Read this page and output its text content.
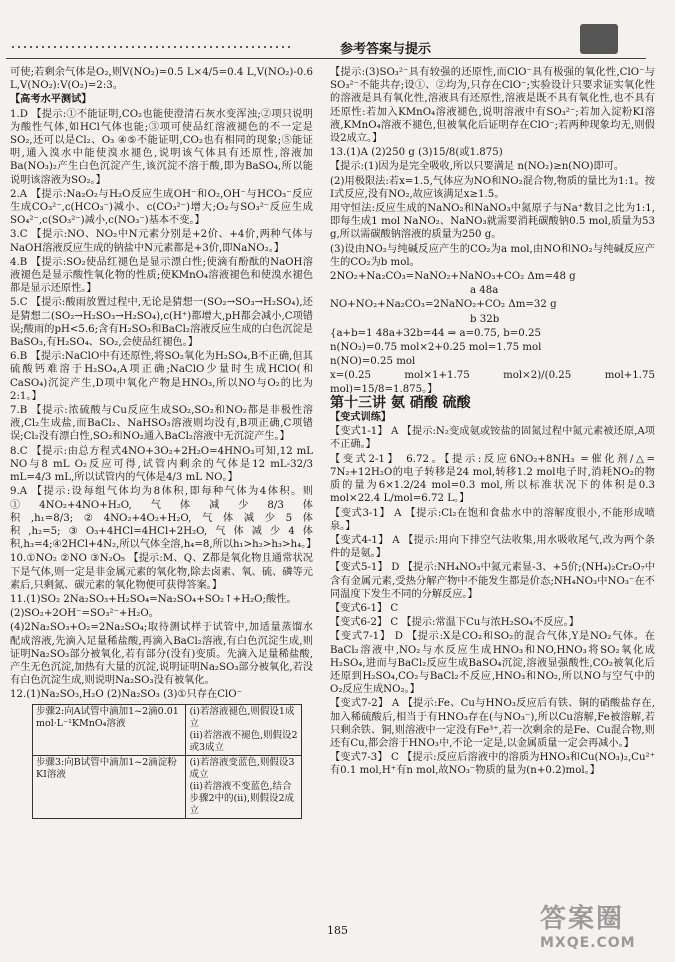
参考答案与提示

可使;若剩余气体是O₂,则V(NO₂)=0.5 L×4/5=0.4 L,V(NO₂)-0.6 L,V(NO₂):V(O₂)=2:3。

【高考水平测试】

1.D 【提示:①不能证明,CO₂也能使澄清石灰水变浑浊;②项只说明为酸性气体,如HCl气体也能;③项可使品红溶液褪色的不一定是SO₂,还可以是Cl₂、O₃ ④⑤不能证明,CO₂也有相同的现象;⑤能证明,通入溴水中能使溴水褪色,说明该气体具有还原性,溶液加Ba(NO₃)₂产生白色沉淀产生,该沉淀不溶于酸,即为BaSO₄,所以能说明该溶液为SO₂。】

2.A 【提示:Na₂O₂与H₂O反应生成OH⁻和O₂,OH⁻与HCO₃⁻反应生成CO₃²⁻,c(HCO₃⁻)减小、c(CO₃²⁻)增大;O₂与SO₃²⁻反应生成SO₄²⁻,c(SO₃²⁻)减小,c(NO₃⁻)基本不变。】

3.C 【提示:NO、NO₂中N元素分别是+2价、+4价,两种气体与NaOH溶液反应生成的钠盐中N元素都是+3价,即NaNO₂。】

4.B 【提示:SO₂使品红褪色是显示漂白性;使滴有酚酞的NaOH溶液褪色是显示酸性氧化物的性质;使KMnO₄溶液褪色和使溴水褪色都是显示还原性。】

5.C 【提示:酸雨放置过程中,无论是猜想一(SO₂→SO₃→H₂SO₄),还是猜想二(SO₂→H₂SO₃→H₂SO₄),c(H⁺)都增大,pH都会减小,C项错误;酸雨的pH<5.6;含有H₂SO₃和BaCl₂溶液反应生成的白色沉淀是BaSO₃,有H₂SO₄、SO₂,会使品红褪色。】

6.B 【提示:NaClO中有还原性,将SO₂氧化为H₂SO₄,B不正确,但其硫酸钙难溶于H₂SO₄,A项正确;NaClO少量时生成HClO(和CaSO₄)沉淀产生,D项中氧化产物是HNO₃,所以NO与O₂的比为2:1。】

7.B 【提示:浓硫酸与Cu反应生成SO₂,SO₂和NO₂都是非极性溶液,Cl₂生成盐,而BaCl₂、NaHSO₃溶液则均没有,B项正确,C项错误;Cl₂没有漂白性,SO₂和NO₂通入BaCl₂溶液中无沉淀产生。】

8.C 【提示:由总方程式4NO+3O₂+2H₂O=4HNO₃可知,12 mL NO与8 mL O₂反应可得,试管内剩余的气体是12 mL-32/3 mL=4/3 mL,所以试管内的气体是4/3 mL NO。】

9.A 【提示:设每组气体均为8体积,即每种气体为4体积。则①4NO₂+4NO+H₂O,气体减少8/3体积,h₁=8/3;②4NO₂+4O₂+H₂O,气体减少5体积,h₂=5;③O₃+4HCl=4HCl+2H₂O,气体减少4体积,h₃=4;④2HCl+4N₂,所以气体全溶,h₄=8,所以h₁>h₂>h₃>h₄。】

10.①NO₂ ②NO ③N₂O₅ 【提示:M、Q、Z都是氧化物且通常状况下是气体,则一定是非金属元素的氧化物,除去卤素、氧、硫、磷等元素后,只剩氮、碳元素的氧化物便可获得答案。】

11.(1)SO₂ 2Na₂SO₃+H₂SO₄=Na₂SO₄+SO₂↑+H₂O;酸性。

(2)SO₂+2OH⁻=SO₃²⁻+H₂O。

(4)2Na₂SO₃+O₂=2Na₂SO₄;取待测试样于试管中,加适量蒸馏水配成溶液,先滴入足量稀盐酸,再滴入BaCl₂溶液,有白色沉淀生成,则证明Na₂SO₃部分被氧化,若有部分(没有)变质。先滴入足量稀盐酸,产生无色沉淀,加热有大量的沉淀,说明证明Na₂SO₃部分被氧化,若没有白色沉淀生成,则说明Na₂SO₃没有被氧化。

12.(1)Na₂SO₃,H₂O (2)Na₂SO₃ (3)①只存在ClO⁻

步骤2:向A试管中滴加1~2滴0.01 mol·L⁻¹KMnO₄溶液	(i)若溶液褪色,则假设1成立
(ii)若溶液不褪色,则假设2或3成立
步骤3:向B试管中滴加1~2滴淀粉KI溶液	(i)若溶液变蓝色,则假设3成立
(ii)若溶液不变蓝色,结合步骤2中的(ii),则假设2成立

【提示:(3)SO₃²⁻具有较强的还原性,而ClO⁻具有极强的氧化性,ClO⁻与SO₃²⁻不能共存;设①、②均为,只存在ClO⁻;实验设计只要求证实氧化性的溶液是具有氧化性,溶液具有还原性,溶液是既不具有氧化性,也不具有还原性:若加入KMnO₄溶液褪色,说明溶液中有SO₃²⁻;若加入淀粉KI溶液,KMnO₄溶液不褪色,但被氧化后证明存在ClO⁻;若两种现象均无,则假设2成立。】

13.(1)A (2)250 g (3)15/8(或1.875)

【提示:(1)因为是完全吸收,所以只要满足 n(NO₂)≥n(NO)即可。

(2)用极限法:若x=1.5,气体应为NO和NO₂混合物,物质的量比为1:1。按Ⅰ式反应,没有NO₂,故应该满足x≥1.5。

用守恒法:反应生成的NaNO₂和NaNO₃中氮原子与Na⁺数目之比为1:1,即每生成1 mol NaNO₂、NaNO₃就需要消耗碳酸钠0.5 mol,质量为53 g,所以需碳酸钠溶液的质量为250 g。

(3)设由NO₂与纯碱反应产生的CO₂为a mol,由NO和NO₂与纯碱反应产生的CO₂为b mol。

2NO₂+Na₂CO₃=NaNO₂+NaNO₃+CO₂ Δm=48 g

a 48a

NO+NO₂+Na₂CO₃=2NaNO₂+CO₂ Δm=32 g

b 32b

{a+b=1 48a+32b=44 ⇒ a=0.75, b=0.25

n(NO₂)=0.75 mol×2+0.25 mol=1.75 mol

n(NO)=0.25 mol

x=(0.25 mol×1+1.75 mol×2)/(0.25 mol+1.75 mol)=15/8=1.875。】

第十三讲 氨 硝酸 硫酸

【变式训练】

【变式1-1】 A 【提示:N₂变成氨或铵盐的固氮过程中氮元素被还原,A项不正确。】

【变式2-1】 6.72。【提示:反应6NO₂+8NH₃ =催化剂/△= 7N₂+12H₂O的电子转移是24 mol,转移1.2 mol电子时,消耗NO₂的物质的量为6×1.2/24 mol=0.3 mol,所以标准状况下的体积是0.3 mol×22.4 L/mol=6.72 L。】

【变式3-1】 A 【提示:Cl₂在饱和食盐水中的溶解度很小,不能形成喷泉。】

【变式4-1】 A 【提示:用向下排空气法收集,用水吸收尾气,改为两个条件的是氨。】

【变式5-1】 D 【提示:NH₄NO₃中氮元素显-3、+5价;(NH₄)₂Cr₂O₇中含有金属元素,受热分解产物中不能发生都是价态;NH₄NO₃中NO₃⁻在不同温度下发生不同的分解反应。】

【变式6-1】 C

【变式6-2】 C 【提示:常温下Cu与浓H₂SO₄不反应。】

【变式7-1】 D 【提示:X是CO₂和SO₂的混合气体,Y是NO₂气体。在BaCl₂溶液中,NO₂与水反应生成HNO₃和NO,HNO₃将SO₂氧化成H₂SO₄,进而与BaCl₂反应生成BaSO₄沉淀,溶液显强酸性,CO₂被氧化后还原到H₂SO₄,CO₂与BaCl₂不反应,HNO₃和NO₂,所以NO与空气中的O₂反应生成NO₂。】

【变式7-2】 A 【提示:Fe、Cu与HNO₃反应后有铁、铜的硝酸盐存在,加入稀硫酸后,相当于有HNO₃存在(与NO₃⁻),所以Cu溶解,Fe被溶解,若只剩余铁、铜,则溶液中一定没有Fe³⁺,若一次剩余的是Fe、Cu混合物,则还有Cu,都会溶于HNO₃中,不论一定是,以金属质量一定会再减小。】

【变式7-3】 C 【提示:反应后溶液中的溶质为HNO₃和Cu(NO₃)₂,Cu²⁺有0.1 mol,H⁺有n mol,故NO₃⁻物质的量为(n+0.2)mol。】

185	答案圈
MXQE.COM
